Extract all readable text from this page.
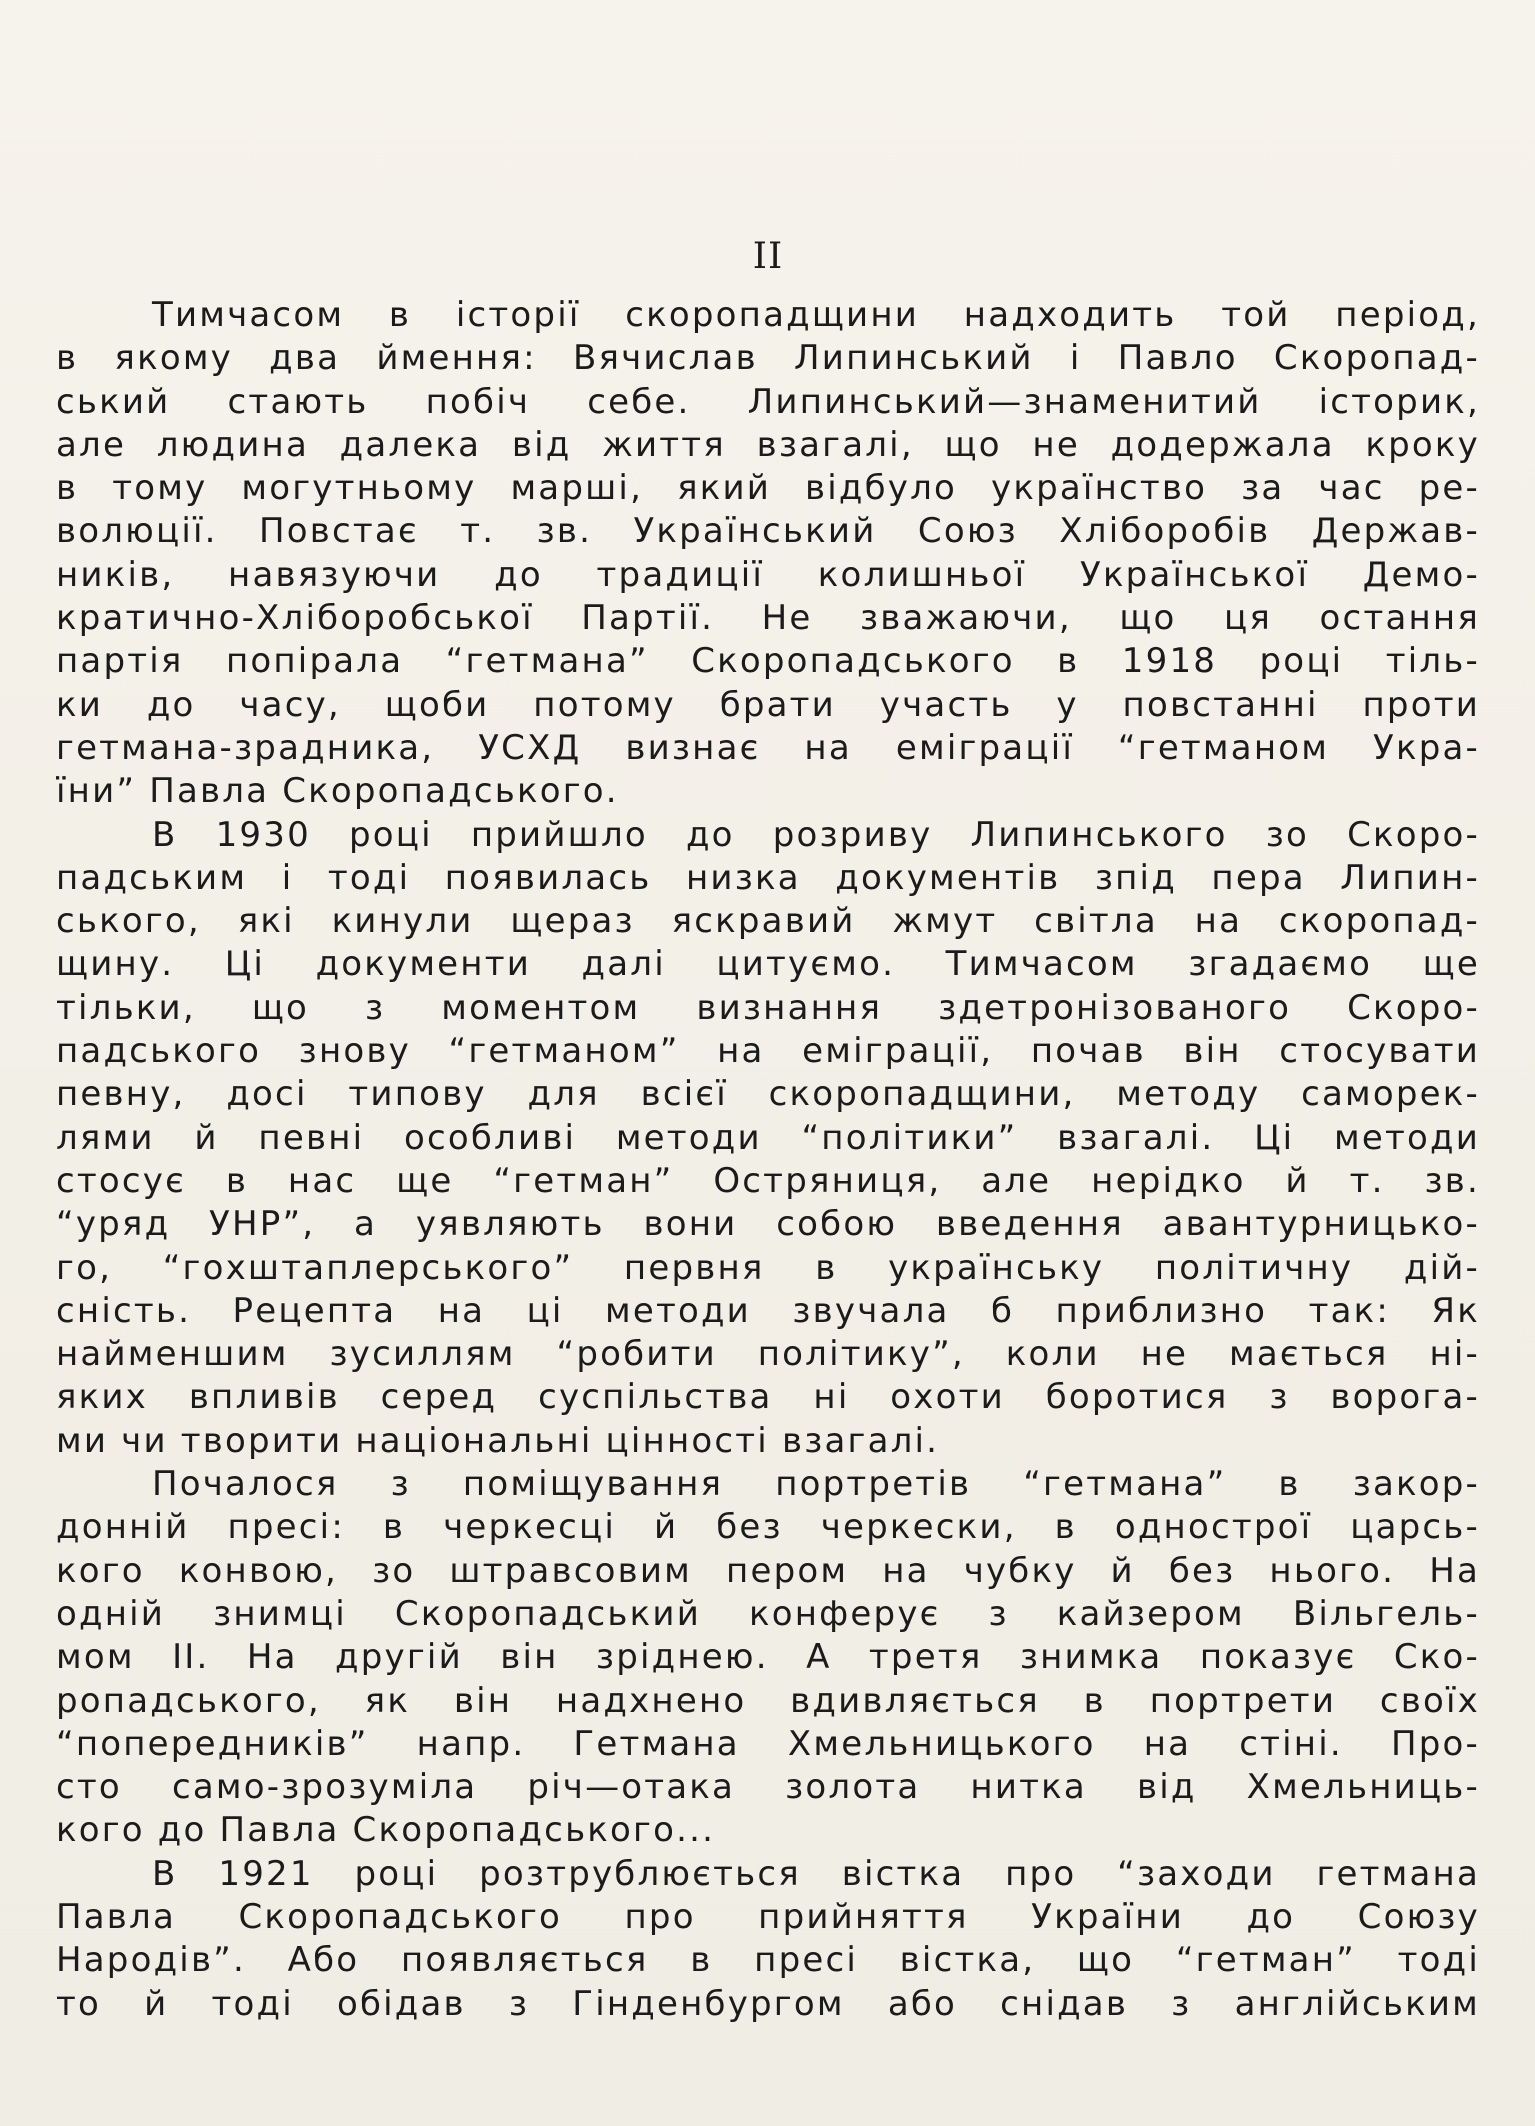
II
Тимчасом в історії скоропадщини надходить той період,
в якому два ймення: Вячислав Липинський і Павло Скоропад-
ський стають побіч себе. Липинський—знаменитий історик,
але людина далека від життя взагалі, що не додержала кроку
в тому могутньому марші, який відбуло українство за час ре-
волюції. Повстає т. зв. Український Союз Хліборобів Держав-
ників, навязуючи до традиції колишньої Української Демо-
кратично-Хліборобської Партії. Не зважаючи, що ця остання
партія попірала “гетмана” Скоропадського в 1918 році тіль-
ки до часу, щоби потому брати участь у повстанні проти
гетмана-зрадника, УСХД визнає на еміграції “гетманом Укра-
їни” Павла Скоропадського.
В 1930 році прийшло до розриву Липинського зо Скоро-
падським і тоді появилась низка документів зпід пера Липин-
ського, які кинули щераз яскравий жмут світла на скоропад-
щину. Ці документи далі цитуємо. Тимчасом згадаємо ще
тільки, що з моментом визнання здетронізованого Скоро-
падського знову “гетманом” на еміграції, почав він стосувати
певну, досі типову для всієї скоропадщини, методу саморек-
лями й певні особливі методи “політики” взагалі. Ці методи
стосує в нас ще “гетман” Остряниця, але нерідко й т. зв.
“уряд УНР”, а уявляють вони собою введення авантурницько-
го, “гохштаплерського” первня в українську політичну дій-
сність. Рецепта на ці методи звучала б приблизно так: Як
найменшим зусиллям “робити політику”, коли не мається ні-
яких впливів серед суспільства ні охоти боротися з ворога-
ми чи творити національні цінності взагалі.
Почалося з поміщування портретів “гетмана” в закор-
донній пресі: в черкесці й без черкески, в однострої царсь-
кого конвою, зо штравсовим пером на чубку й без нього. На
одній знимці Скоропадський конферує з кайзером Вільгель-
мом II. На другій він зріднею. А третя знимка показує Ско-
ропадського, як він надхнено вдивляється в портрети своїх
“попередників” напр. Гетмана Хмельницького на стіні. Про-
сто само-зрозуміла річ—отака золота нитка від Хмельниць-
кого до Павла Скоропадського...
В 1921 році розтрублюється вістка про “заходи гетмана
Павла Скоропадського про прийняття України до Союзу
Народів”. Або появляється в пресі вістка, що “гетман” тоді
то й тоді обідав з Гінденбургом або снідав з англійським
